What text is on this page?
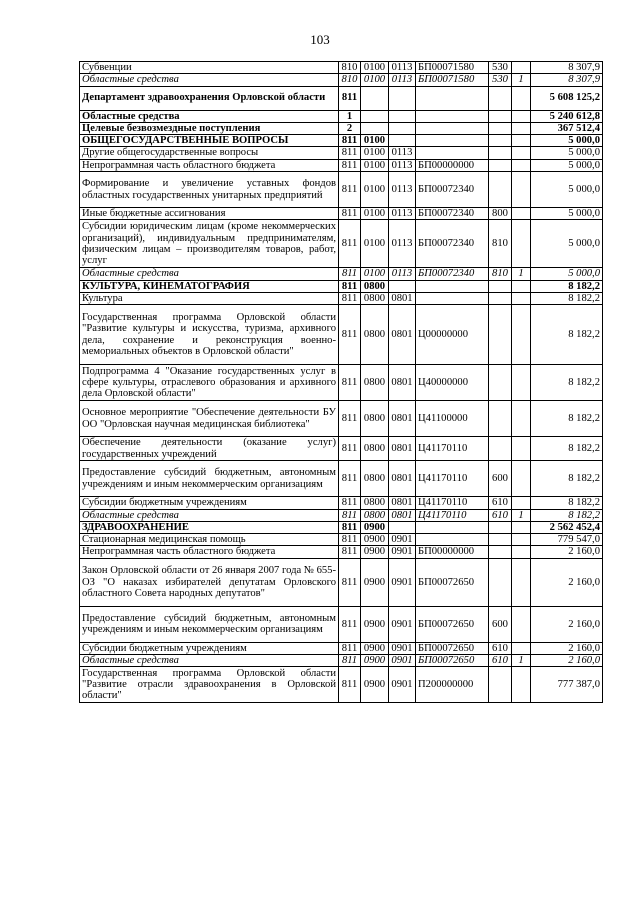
103
Субвенции	810	0100	0113	БП00071580	530		8 307,9
Областные средства	810	0100	0113	БП00071580	530	1	8 307,9
Департамент здравоохранения Орловской области	811						5 608 125,2
Областные средства	1						5 240 612,8
Целевые безвозмездные поступления	2						367 512,4
ОБЩЕГОСУДАРСТВЕННЫЕ ВОПРОСЫ	811	0100					5 000,0
Другие общегосударственные вопросы	811	0100	0113				5 000,0
Непрограммная часть областного бюджета	811	0100	0113	БП00000000			5 000,0
Формирование и увеличение уставных фондов областных государственных унитарных предприятий	811	0100	0113	БП00072340			5 000,0
Иные бюджетные ассигнования	811	0100	0113	БП00072340	800		5 000,0
Субсидии юридическим лицам (кроме некоммерческих организаций), индивидуальным предпринимателям, физическим лицам – производителям товаров, работ, услуг	811	0100	0113	БП00072340	810		5 000,0
Областные средства	811	0100	0113	БП00072340	810	1	5 000,0
КУЛЬТУРА, КИНЕМАТОГРАФИЯ	811	0800					8 182,2
Культура	811	0800	0801				8 182,2
Государственная программа Орловской области "Развитие культуры и искусства, туризма, архивного дела, сохранение и реконструкция военно-мемориальных объектов в Орловской области"	811	0800	0801	Ц00000000			8 182,2
Подпрограмма 4 "Оказание государственных услуг в сфере культуры, отраслевого образования и архивного дела Орловской области"	811	0800	0801	Ц40000000			8 182,2
Основное мероприятие "Обеспечение деятельности БУ ОО "Орловская научная медицинская библиотека"	811	0800	0801	Ц41100000			8 182,2
Обеспечение деятельности (оказание услуг) государственных учреждений	811	0800	0801	Ц41170110			8 182,2
Предоставление субсидий бюджетным, автономным учреждениям и иным некоммерческим организациям	811	0800	0801	Ц41170110	600		8 182,2
Субсидии бюджетным учреждениям	811	0800	0801	Ц41170110	610		8 182,2
Областные средства	811	0800	0801	Ц41170110	610	1	8 182,2
ЗДРАВООХРАНЕНИЕ	811	0900					2 562 452,4
Стационарная медицинская помощь	811	0900	0901				779 547,0
Непрограммная часть областного бюджета	811	0900	0901	БП00000000			2 160,0
Закон Орловской области от 26 января 2007 года № 655-ОЗ "О наказах избирателей депутатам Орловского областного Совета народных депутатов"	811	0900	0901	БП00072650			2 160,0
Предоставление субсидий бюджетным, автономным учреждениям и иным некоммерческим организациям	811	0900	0901	БП00072650	600		2 160,0
Субсидии бюджетным учреждениям	811	0900	0901	БП00072650	610		2 160,0
Областные средства	811	0900	0901	БП00072650	610	1	2 160,0
Государственная программа Орловской области "Развитие отрасли здравоохранения в Орловской области"	811	0900	0901	П200000000			777 387,0
